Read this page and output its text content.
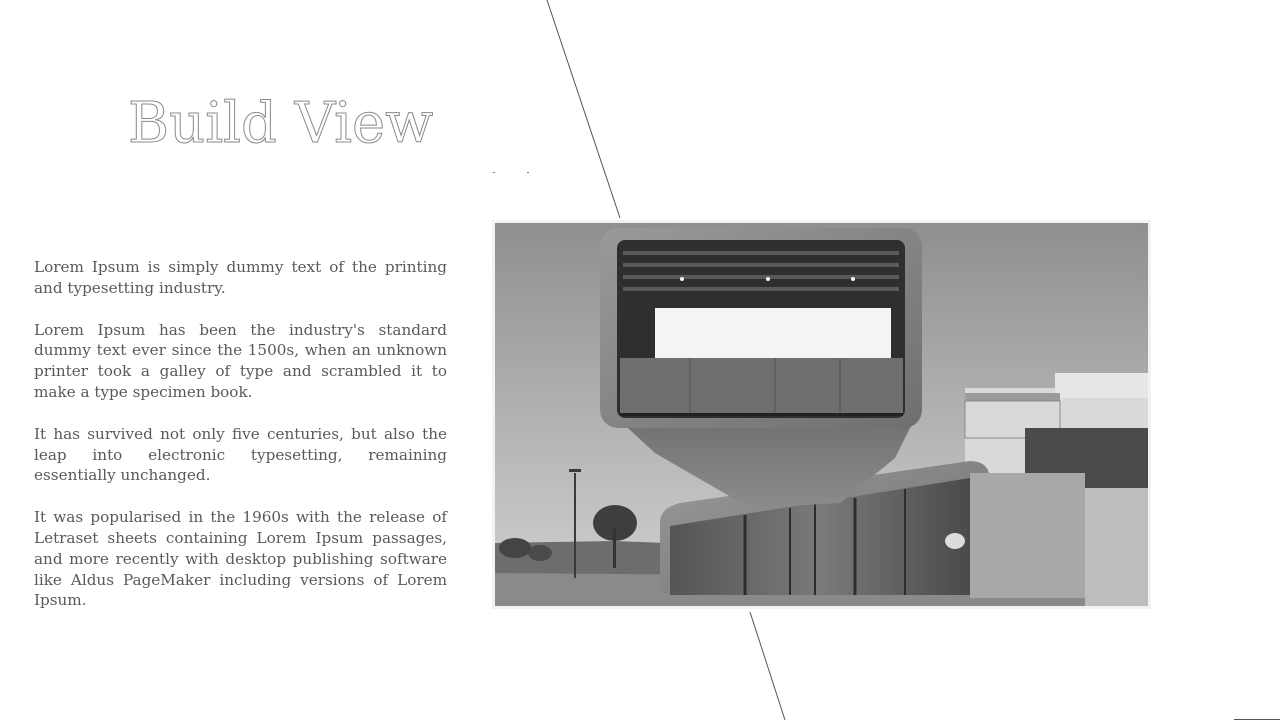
Build View

Lorem Ipsum is simply dummy text of the printing and typesetting industry.

Lorem Ipsum has been the industry's standard dummy text ever since the 1500s, when an unknown printer took a galley of type and scrambled it to make a type specimen book.

It has survived not only five centuries, but also the leap into electronic typesetting, remaining essentially unchanged.

It was popularised in the 1960s with the release of Letraset sheets containing Lorem Ipsum passages, and more recently with desktop publishing software like Aldus PageMaker including versions of Lorem Ipsum.
